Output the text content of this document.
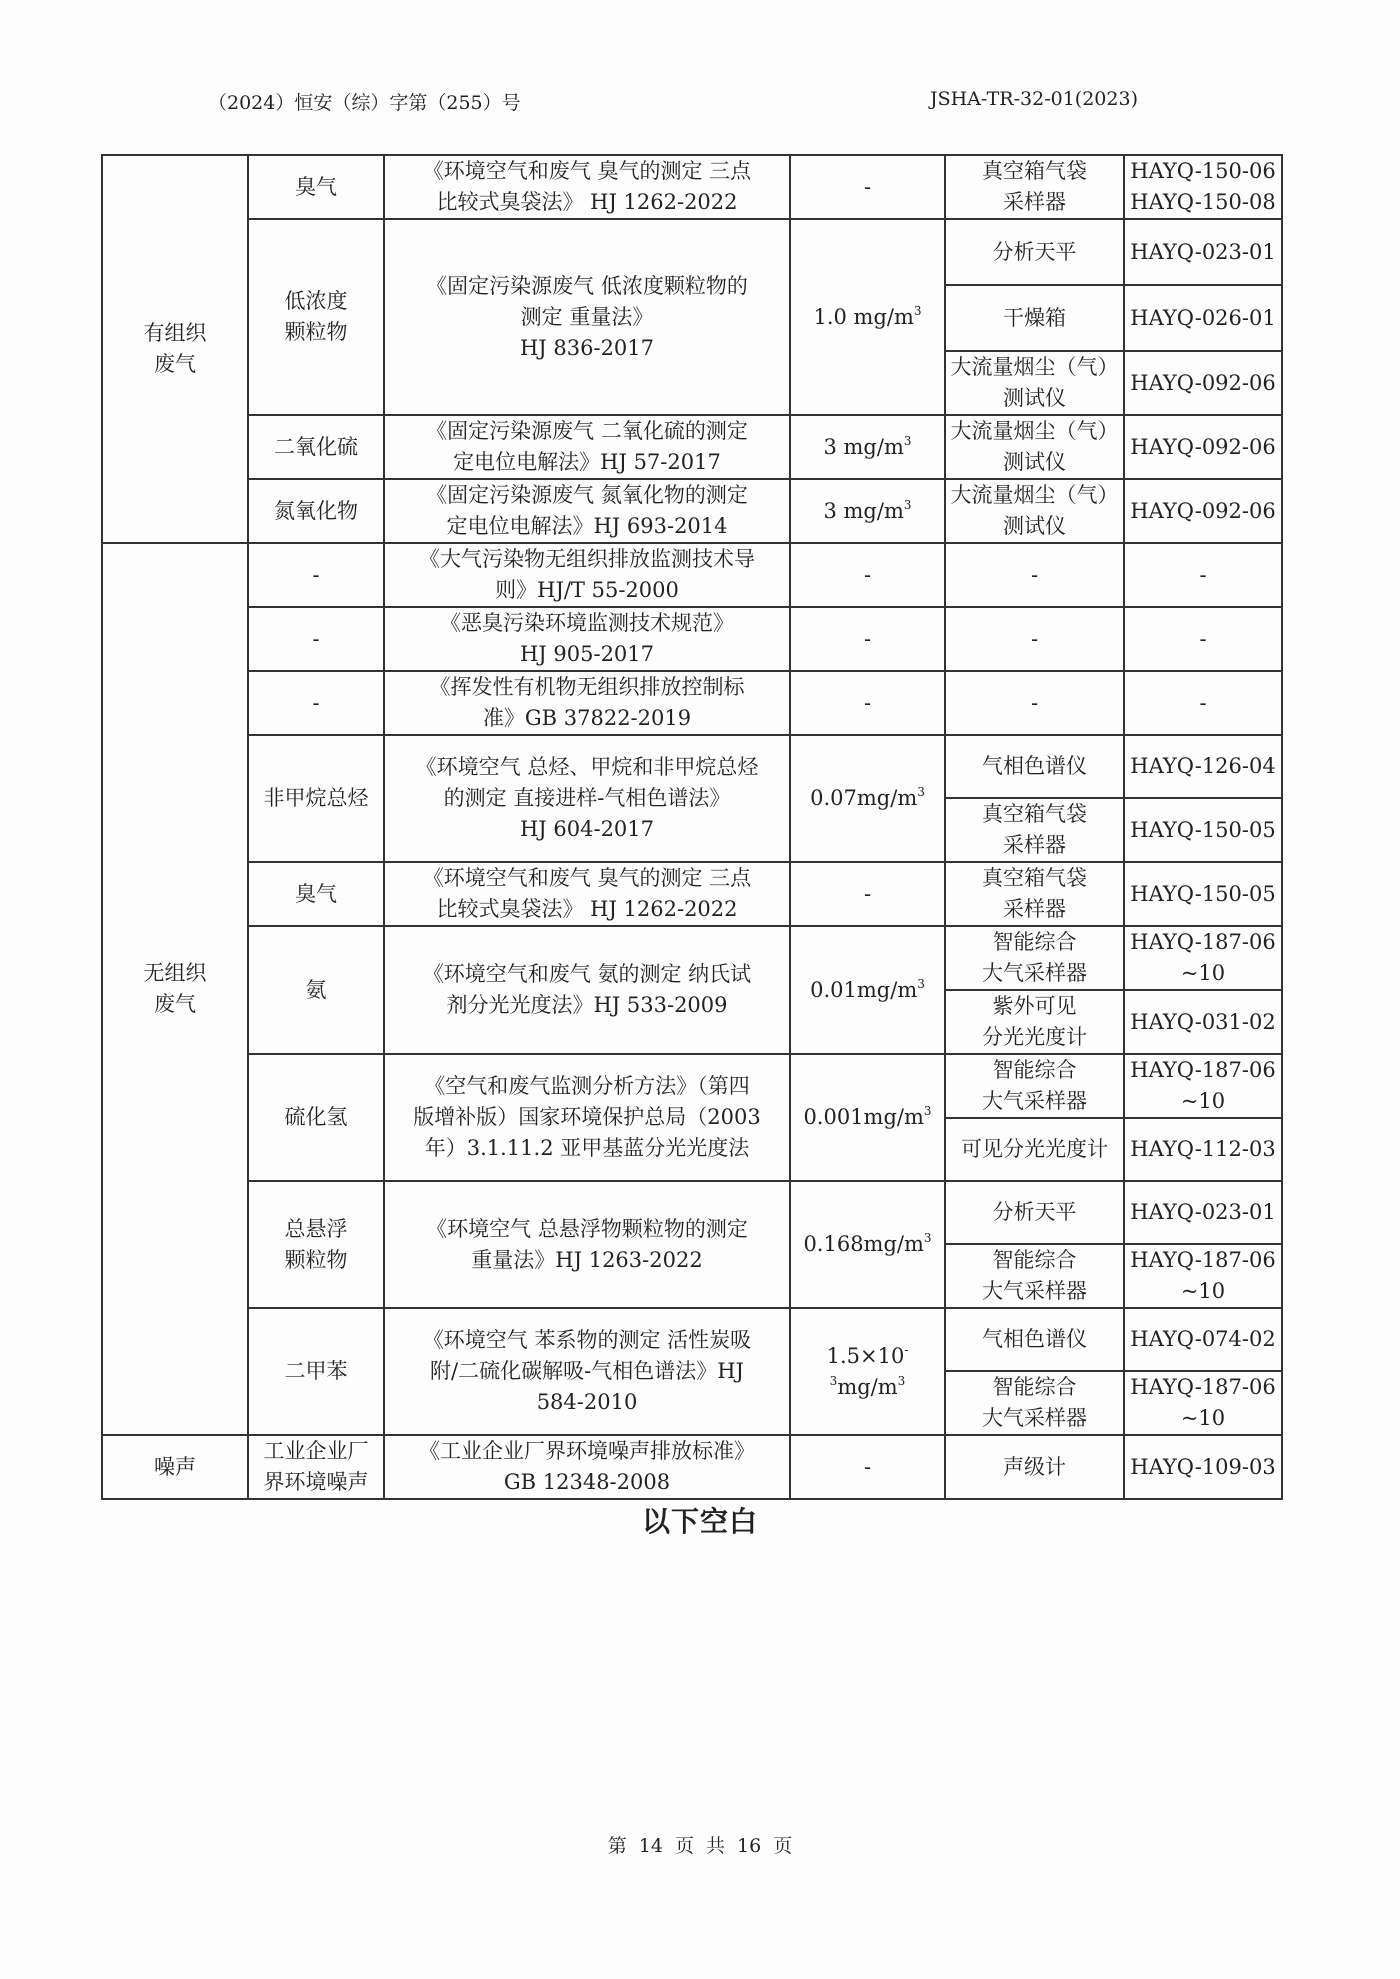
（2024）恒安（综）字第（255）号	JSHA-TR-32-01(2023)
有组织
废气	臭气	《环境空气和废气 臭气的测定 三点
比较式臭袋法》 HJ 1262-2022	-	真空箱气袋
采样器	HAYQ-150-06
HAYQ-150-08
	低浓度
颗粒物	《固定污染源废气 低浓度颗粒物的
测定 重量法》
HJ 836-2017	1.0 $mg/m^3$	分析天平	HAYQ-023-01
				干燥箱	HAYQ-026-01
				大流量烟尘（气）
测试仪	HAYQ-092-06
	二氧化硫	《固定污染源废气 二氧化硫的测定
定电位电解法》HJ 57-2017	3 $mg/m^3$	大流量烟尘（气）
测试仪	HAYQ-092-06
	氮氧化物	《固定污染源废气 氮氧化物的测定
定电位电解法》HJ 693-2014	3 $mg/m^3$	大流量烟尘（气）
测试仪	HAYQ-092-06
无组织
废气	-	《大气污染物无组织排放监测技术导
则》HJ/T 55-2000	-	-	-
	-	《恶臭污染环境监测技术规范》
HJ 905-2017	-	-	-
	-	《挥发性有机物无组织排放控制标
准》GB 37822-2019	-	-	-
	非甲烷总烃	《环境空气 总烃、甲烷和非甲烷总烃
的测定 直接进样-气相色谱法》
HJ 604-2017	$0.07mg/m^3$	气相色谱仪	HAYQ-126-04
				真空箱气袋
采样器	HAYQ-150-05
	臭气	《环境空气和废气 臭气的测定 三点
比较式臭袋法》 HJ 1262-2022	-	真空箱气袋
采样器	HAYQ-150-05
	氨	《环境空气和废气 氨的测定 纳氏试
剂分光光度法》HJ 533-2009	$0.01mg/m^3$	智能综合
大气采样器	HAYQ-187-06
~10
				紫外可见
分光光度计	HAYQ-031-02
	硫化氢	《空气和废气监测分析方法》（第四
版增补版）国家环境保护总局（2003
年）3.1.11.2 亚甲基蓝分光光度法	$0.001mg/m^3$	智能综合
大气采样器	HAYQ-187-06
~10
				可见分光光度计	HAYQ-112-03
	总悬浮
颗粒物	《环境空气 总悬浮物颗粒物的测定
重量法》HJ 1263-2022	$0.168mg/m^3$	分析天平	HAYQ-023-01
				智能综合
大气采样器	HAYQ-187-06
~10
	二甲苯	《环境空气 苯系物的测定 活性炭吸
附/二硫化碳解吸-气相色谱法》HJ
584-2010	$1.5\times 10^{-3}mg/m^3$	气相色谱仪	HAYQ-074-02
				智能综合
大气采样器	HAYQ-187-06
~10
噪声	工业企业厂
界环境噪声	《工业企业厂界环境噪声排放标准》
GB 12348-2008	-	声级计	HAYQ-109-03
以下空白
第 14 页 共 16 页
